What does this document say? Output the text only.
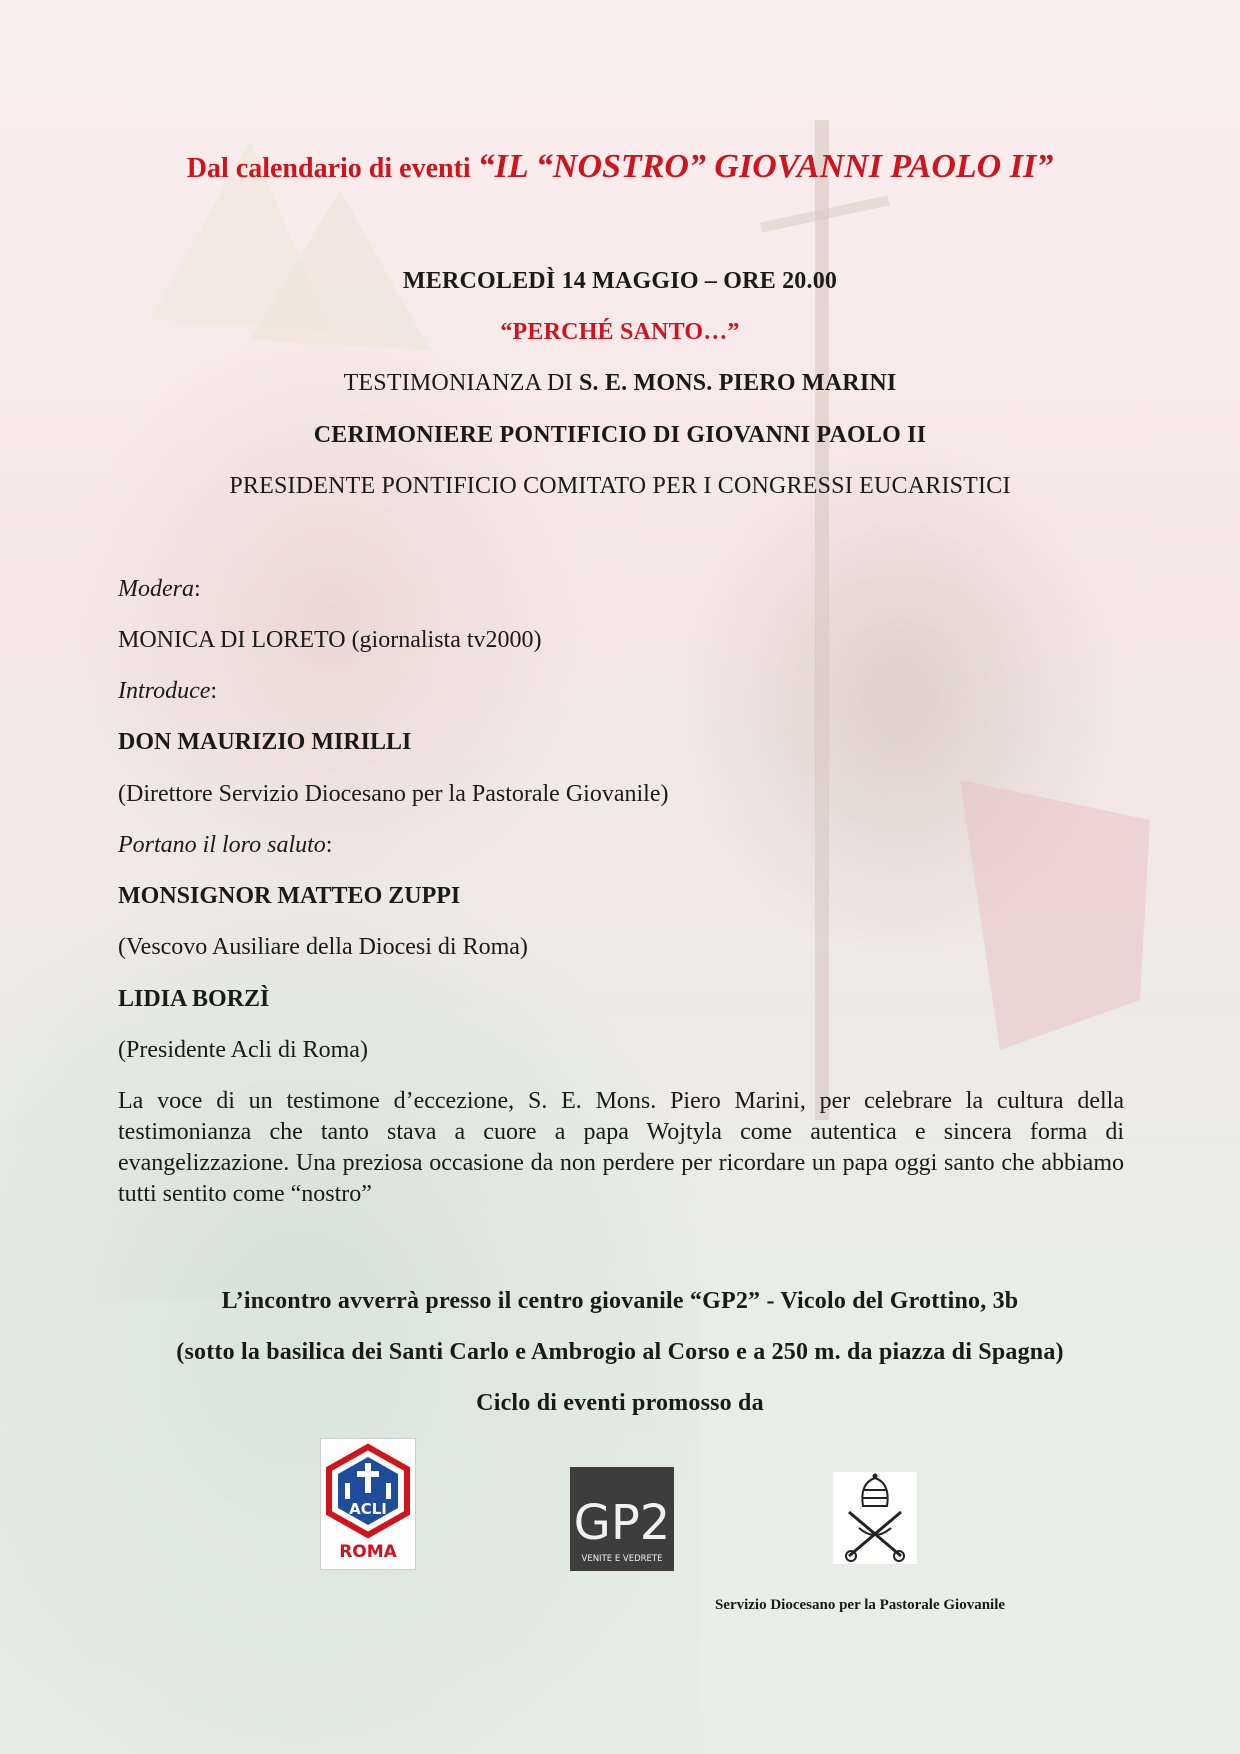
Dal calendario di eventi “IL “NOSTRO” GIOVANNI PAOLO II”
MERCOLEDÌ 14 MAGGIO – ORE 20.00
“PERCHÉ SANTO…”
TESTIMONIANZA DI S. E. MONS. PIERO MARINI
CERIMONIERE PONTIFICIO DI GIOVANNI PAOLO II
PRESIDENTE PONTIFICIO COMITATO PER I CONGRESSI EUCARISTICI
Modera:
MONICA DI LORETO (giornalista tv2000)
Introduce:
DON MAURIZIO MIRILLI
(Direttore Servizio Diocesano per la Pastorale Giovanile)
Portano il loro saluto:
MONSIGNOR MATTEO ZUPPI
(Vescovo Ausiliare della Diocesi di Roma)
LIDIA BORZÌ
(Presidente Acli di Roma)
La voce di un testimone d’eccezione, S. E. Mons. Piero Marini, per celebrare la cultura della testimonianza che tanto stava a cuore a papa Wojtyla come autentica e sincera forma di evangelizzazione. Una preziosa occasione da non perdere per ricordare un papa oggi santo che abbiamo tutti sentito come “nostro”
L’incontro avverrà presso il centro giovanile “GP2” - Vicolo del Grottino, 3b
(sotto la basilica dei Santi Carlo e Ambrogio al Corso e a 250 m. da piazza di Spagna)
Ciclo di eventi promosso da
ACLI
ROMA
GP2
VENITE E VEDRETE
Servizio Diocesano per la Pastorale Giovanile
